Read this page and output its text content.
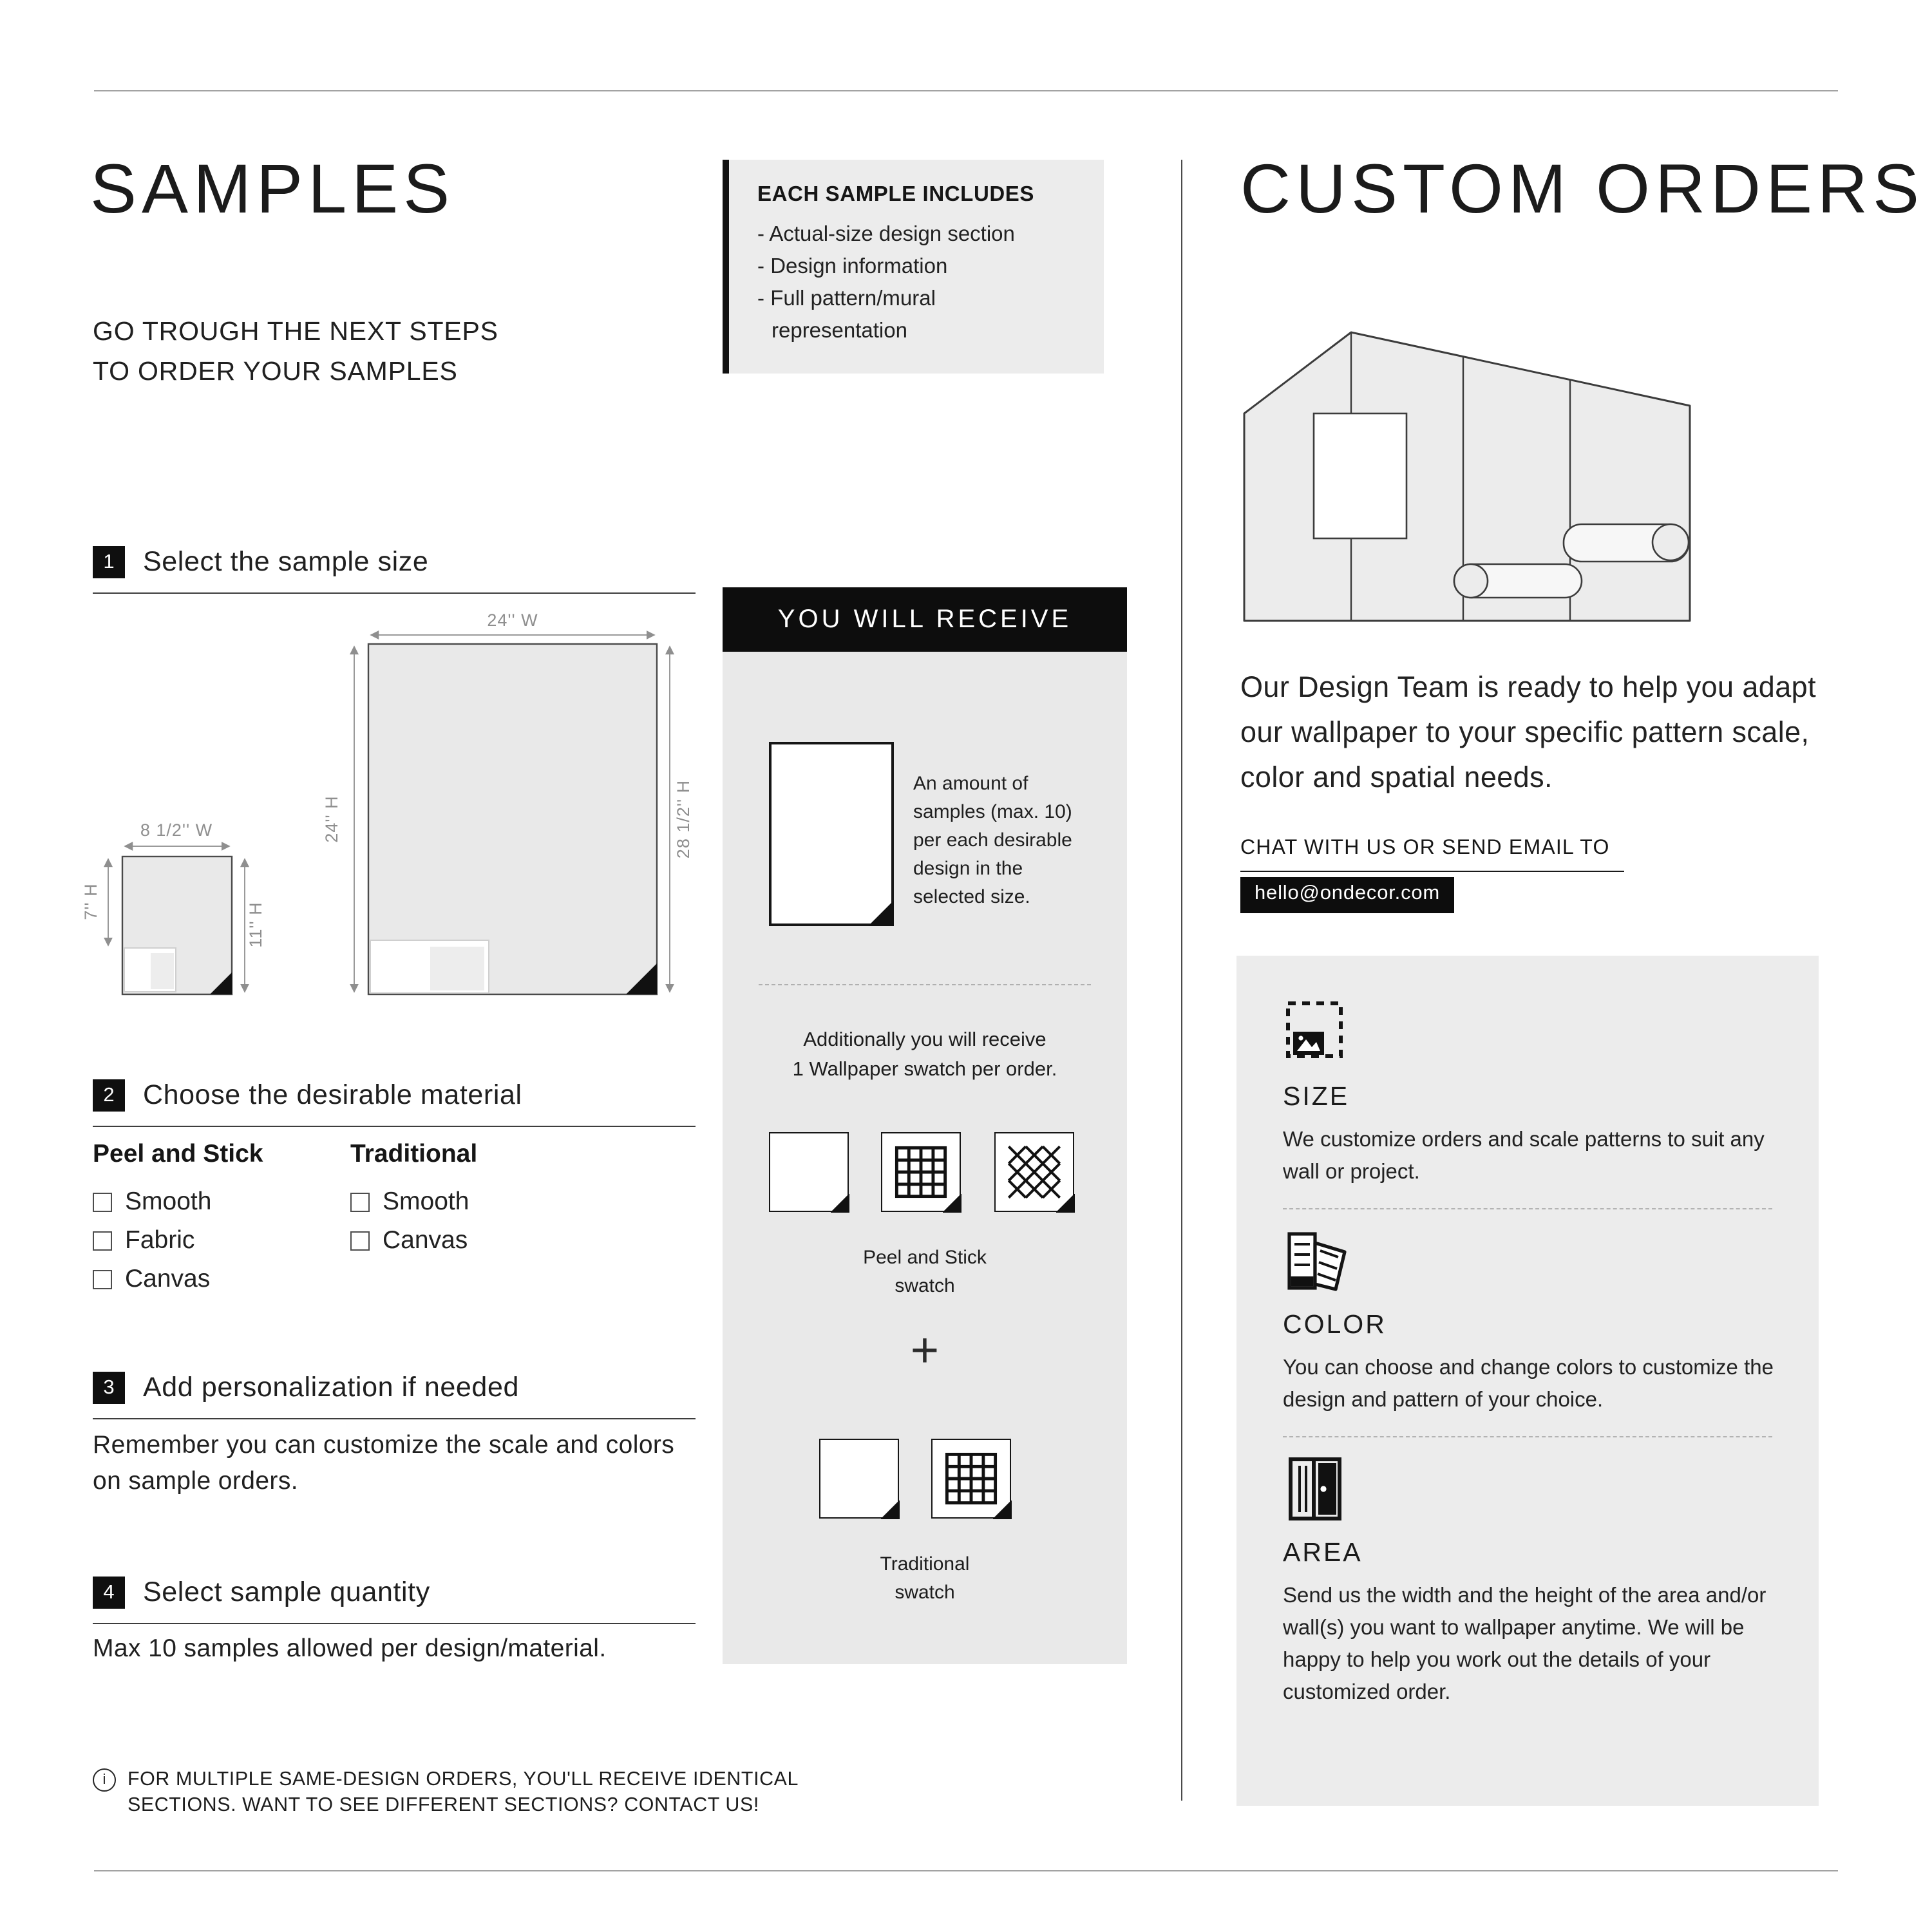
SAMPLES
GO TROUGH THE NEXT STEPS
TO ORDER YOUR SAMPLES
EACH SAMPLE INCLUDES
- Actual-size design section
- Design information
- Full pattern/mural representation
1	Select the sample size
24'' W
24'' H	28 1/2'' H
8 1/2'' W
7'' H
11'' H
2	Choose the desirable material
Peel and Stick
Smooth
Fabric
Canvas
Traditional
Smooth
Canvas
3	Add personalization if needed
Remember you can customize the scale and colors on sample orders.
4	Select sample quantity
Max 10 samples allowed per design/material.
i
FOR MULTIPLE SAME-DESIGN ORDERS, YOU'LL RECEIVE IDENTICAL
SECTIONS. WANT TO SEE DIFFERENT SECTIONS? CONTACT US!
YOU WILL RECEIVE
An amount of samples (max. 10) per each desirable design in the selected size.
Additionally you will receive
1 Wallpaper swatch per order.
Peel and Stick
swatch
+
Traditional
swatch
CUSTOM ORDERS
Our Design Team is ready to help you adapt our wallpaper to your specific pattern scale, color and spatial needs.
CHAT WITH US OR SEND EMAIL TO
hello@ondecor.com
SIZE
We customize orders and scale patterns to suit any wall or project.
COLOR
You can choose and change colors to customize the design and pattern of your choice.
AREA
Send us the width and the height of the area and/or wall(s) you want to wallpaper anytime. We will be happy to help you work out the details of your customized order.
